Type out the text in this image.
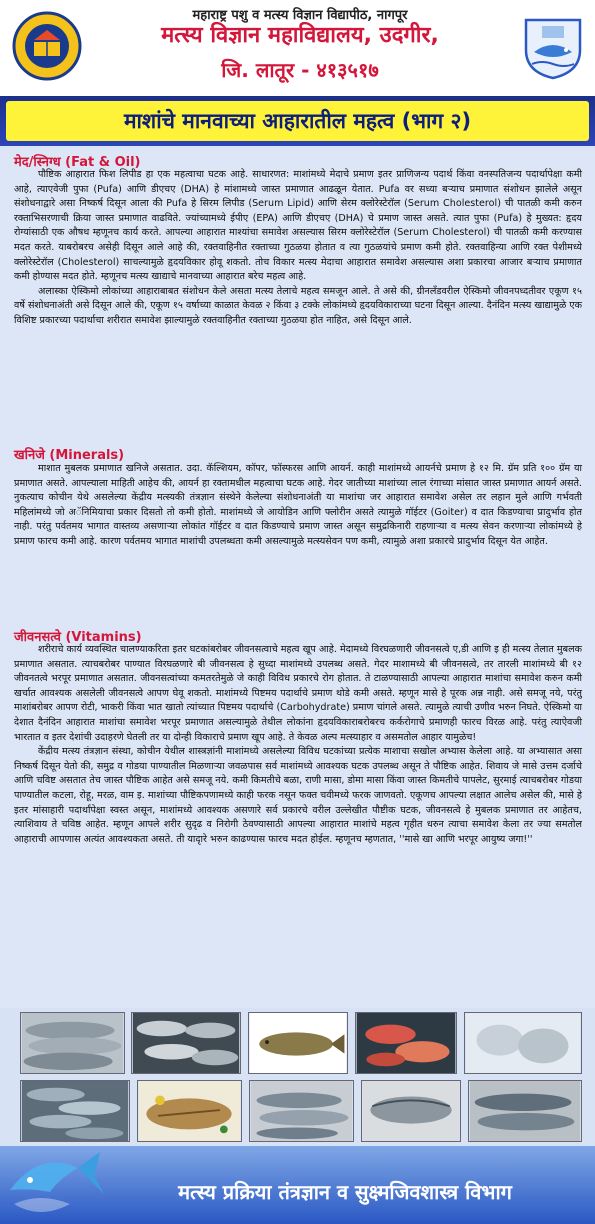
महाराष्ट्र पशु व मत्स्य विज्ञान विद्यापीठ, नागपूर
मत्स्य विज्ञान महाविद्यालय, उदगीर,
जि. लातूर - ४१३५१७
माशांचे मानवाच्या आहारातील महत्व (भाग २)
मेद/स्निग्ध (Fat & Oil)

पौष्टिक आहारात फिश लिपीड हा एक महत्वाचा घटक आहे. साधारणत: माशांमध्ये मेदाचे प्रमाण इतर प्राणिजन्य पदार्थ किंवा वनस्पतिजन्य पदार्थापेक्षा कमी आहे, त्याएवेजी पुफा (Pufa) आणि डीएचए (DHA) हे मांशामध्ये जास्त प्रमाणात आढळून येतात. Pufa वर सध्या बऱ्याच प्रमाणात संशोधन झालेले असून संशोधनाद्वारे असा निष्कर्ष दिसून आला की Pufa हे सिरम लिपीड (Serum Lipid) आणि सेरम क्लोरेस्टेरॉल (Serum Cholesterol) ची पातळी कमी करुन रक्ताभिसरणाची क्रिया जास्त प्रमाणात वाढविते. ज्यांच्यामध्ये ईपीए (EPA) आणि डीएचए (DHA) चे प्रमाण जास्त असते. त्यात पुफा (Pufa) हे मुख्यत: हृदय रोग्यांसाठी एक औषध म्हणूनच कार्य करते. आपल्या आहारात माश्यांचा समावेश असल्यास सिरम क्लोरेस्टेरॉल (Serum Cholesterol) ची पातळी कमी करण्यास मदत करते. याबरोबरच असेही दिसून आले आहे की, रक्तवाहिनीत रक्ताच्या गुठळया होतात व त्या गुठळयांचे प्रमाण कमी होते. रक्तवाहिन्या आणि रक्त पेशीमध्ये क्लोरेस्टेरॉल (Cholesterol) साचल्यामुळे हृदयविकार होवू शकतो. तोच विकार मत्स्य मेदाचा आहारात समावेश असल्यास अशा प्रकारचा आजार बऱ्याच प्रमाणात कमी होण्यास मदत होते. म्हणूनच मत्स्य खाद्याचे मानवाच्या आहारात बरेच महत्व आहे.

अलास्का ऐस्किमो लोकांच्या आहाराबाबत संशोधन केले असता मत्स्य तेलाचे महत्व समजून आले. ते असे की, ग्रीनलँडवरील ऐस्किमो जीवनपध्दतीवर एकूण १५ वर्षे संशोधनाअंती असे दिसून आले की, एकूण १५ वर्षाच्या काळात केवळ २ किंवा ३ टक्के लोकांमध्ये हृदयविकाराच्या घटना दिसून आल्या. दैनंदिन मत्स्य खाद्यामुळे एक विशिष्ट प्रकारच्या पदार्थाचा शरीरात समावेश झाल्यामुळे रक्तवाहिनीत रक्ताच्या गुठळया होत नाहित, असे दिसून आले.

खनिजे (Minerals)

माशात मुबलक प्रमाणात खनिजे असतात. उदा. कॅल्शियम, कॉपर, फॉस्फरस आणि आयर्न. काही माशांमध्ये आयर्नचे प्रमाण हे १२ मि. ग्रॅम प्रति १०० ग्रॅम या प्रमाणात असते. आपल्याला माहिती आहेच की, आयर्न हा रक्तामधील महत्वाचा घटक आहे. गेदर जातीच्या माशांच्या लाल रंगाच्या मांसात जास्त प्रमाणात आयर्न असते. नुकत्याच कोचीन येथे असलेल्या केंद्रीय मत्स्यकी तंत्रज्ञान संस्थेने केलेल्या संशोधनाअंती या माशांचा जर आहारात समावेश असेल तर लहान मुले आणि गर्भवती महिलांमध्ये जो अॅनिमियाचा प्रकार दिसतो तो कमी होतो. माशांमध्ये जे आयोडिन आणि फ्लोरीन असते त्यामुळे गॉईटर (Goiter) व दात किडण्याचा प्रादुर्भाव होत नाही. परंतु पर्वतमय भागात वास्तव्य असणाऱ्या लोकांत गॉईटर व दात किडण्याचे प्रमाण जास्त असून समुद्रकिनारी राहणाऱ्या व मत्स्य सेवन करणाऱ्या लोकांमध्ये हे प्रमाण फारच कमी आहे. कारण पर्वतमय भागात माशांची उपलब्धता कमी असल्यामुळे मत्स्यसेवन पण कमी, त्यामुळे अशा प्रकारचे प्रादुर्भाव दिसून येत आहेत.

जीवनसत्वे (Vitamins)

शरीराचे कार्य व्यवस्थित चालण्याकरिता इतर घटकांबरोबर जीवनसत्वाचे महत्व खूप आहे. मेदामध्ये विरघळणारी जीवनसत्वे ए,डी आणि इ ही मत्स्य तेलात मुबलक प्रमाणात असतात. त्याचबरोबर पाण्यात विरघळणारे बी जीवनसत्व हे सुध्दा माशांमध्ये उपलब्ध असते. गेदर माशामध्ये बी जीवनसत्वे, तर तारली माशांमध्ये बी १२ जीवनतत्वे भरपूर प्रमाणात असतात. जीवनसत्वांच्या कमतरतेमुळे जे काही विविध प्रकारचे रोग होतात. ते टाळण्यासाठी आपल्या आहारात माशांचा समावेश करुन कमी खर्चात आवश्यक असलेली जीवनसत्वे आपण घेवू शकतो. माशांमध्ये पिष्टमय पदार्थाचे प्रमाण थोडे कमी असते. म्हणून मासे हे पूरक अन्न नाही. असे समजू नये, परंतु माशांबरोबर आपण रोटी, भाकरी किंवा भात खातो त्यांच्यात पिष्टमय पदार्थाचे (Carbohydrate) प्रमाण चांगले असते. त्यामुळे त्याची उणीव भरुन निघते. ऐस्किमो या देशात दैनंदिन आहारात माशांचा समावेश भरपूर प्रमाणात असल्यामुळे तेथील लोकांना हृदयविकाराबरोबरच कर्करोगाचे प्रमाणही फारच विरळ आहे. परंतु त्याऐवजी भारतात व इतर देशांची उदाहरणे घेतली तर या दोन्ही विकाराचे प्रमाण खूप आहे. ते केवळ अल्प मत्स्याहार व असमतोल आहार यामुळेच!

केंद्रीय मत्स्य तंत्रज्ञान संस्था, कोचीन येथील शास्त्रज्ञांनी माशांमध्ये असलेल्या विविध घटकांच्या प्रत्येक माशाचा सखोल अभ्यास केलेला आहे. या अभ्यासात असा निष्कर्ष दिसून येतो की, समुद्र व गोडया पाण्यातील मिळणाऱ्या जवळपास सर्व माशांमध्ये आवश्यक घटक उपलब्ध असून ते पौष्टिक आहेत. शिवाय जे मासे उत्तम दर्जाचे आणि चविष्ट असतात तेच जास्त पौष्टिक आहेत असे समजू नये. कमी किमतीचे बळा, राणी मासा, डोमा मासा किंवा जास्त किमतीचे पापलेट, सुरमाई त्याचबरोबर गोडया पाण्यातील कटला, रोहू, मरळ, वाम इ. माशांच्या पौष्टिकपणामध्ये काही फरक नसून फक्त चवीमध्ये फरक जाणवतो. एकूणच आपल्या लक्षात आलेच असेल की, मासे हे इतर मांसाहारी पदार्थांपेक्षा स्वस्त असून, माशांमध्ये आवश्यक असणारे सर्व प्रकारचे वरील उल्लेखीत पौष्टीक घटक, जीवनसत्वे हे मुबलक प्रमाणात तर आहेतच, त्याशिवाय ते चविष्ठ आहेत. म्हणून आपले शरीर सुदृढ व निरोगी ठेवण्यासाठी आपल्या आहारात माशांचे महत्व गृहीत धरुन त्याचा समावेश केला तर ज्या समतोल आहाराची आपणास अत्यंत आवश्यकता असते. ती यादृारे भरुन काढण्यास फारच मदत होईल. म्हणूनच म्हणतात, ''मासे खा आणि भरपूर आयुष्य जगा!''

मत्स्य प्रक्रिया तंत्रज्ञान व सुक्ष्मजिवशास्त्र विभाग
